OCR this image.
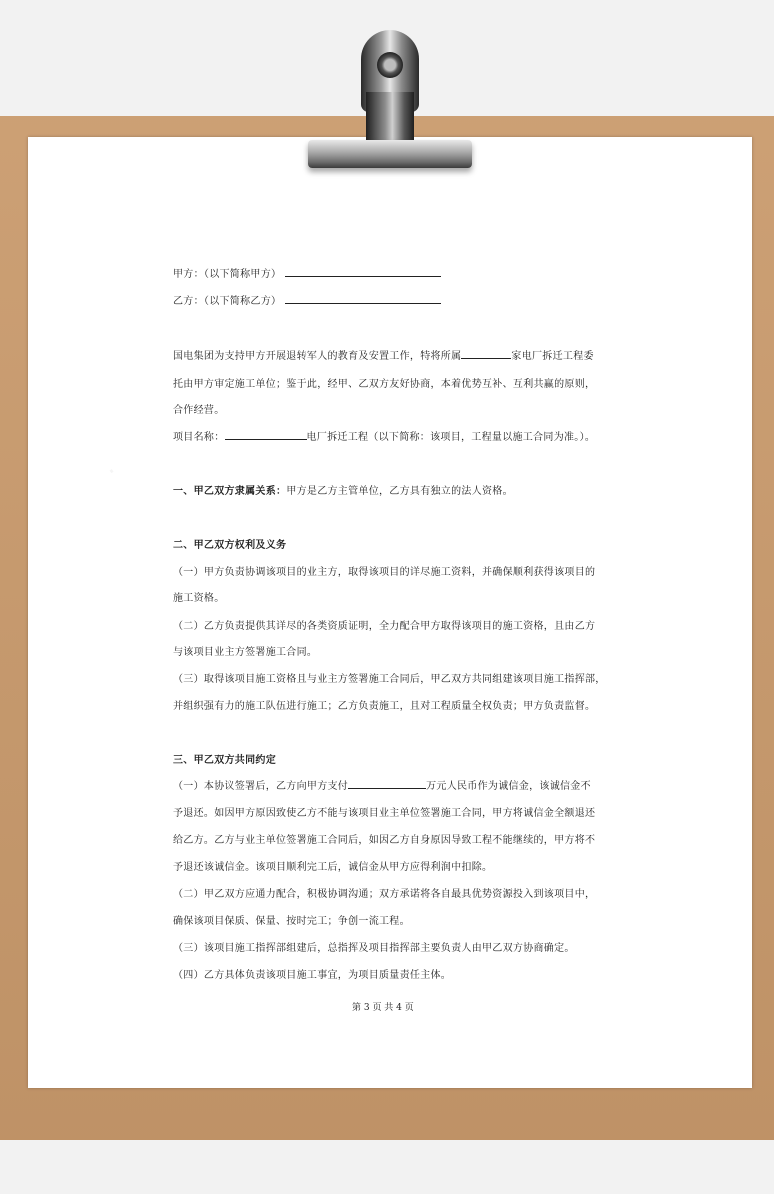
甲方：（以下简称甲方）
乙方：（以下简称乙方）
国电集团为支持甲方开展退转军人的教育及安置工作，特将所属	家电厂拆迁工程委
托由甲方审定施工单位；鉴于此，经甲、乙双方友好协商，本着优势互补、互利共赢的原则，
合作经营。
项目名称：	电厂拆迁工程（以下简称：该项目，工程量以施工合同为准。）。
一、甲乙双方隶属关系：甲方是乙方主管单位，乙方具有独立的法人资格。
二、甲乙双方权利及义务
（一）甲方负责协调该项目的业主方，取得该项目的详尽施工资料，并确保顺利获得该项目的
施工资格。
（二）乙方负责提供其详尽的各类资质证明，全力配合甲方取得该项目的施工资格，且由乙方
与该项目业主方签署施工合同。
（三）取得该项目施工资格且与业主方签署施工合同后，甲乙双方共同组建该项目施工指挥部，
并组织强有力的施工队伍进行施工；乙方负责施工，且对工程质量全权负责；甲方负责监督。
三、甲乙双方共同约定
（一）本协议签署后，乙方向甲方支付	万元人民币作为诚信金，该诚信金不
予退还。如因甲方原因致使乙方不能与该项目业主单位签署施工合同，甲方将诚信金全额退还
给乙方。乙方与业主单位签署施工合同后，如因乙方自身原因导致工程不能继续的，甲方将不
予退还该诚信金。该项目顺利完工后，诚信金从甲方应得利润中扣除。
（二）甲乙双方应通力配合，积极协调沟通；双方承诺将各自最具优势资源投入到该项目中，
确保该项目保质、保量、按时完工；争创一流工程。
（三）该项目施工指挥部组建后，总指挥及项目指挥部主要负责人由甲乙双方协商确定。
（四）乙方具体负责该项目施工事宜，为项目质量责任主体。
第 3 页 共 4 页
